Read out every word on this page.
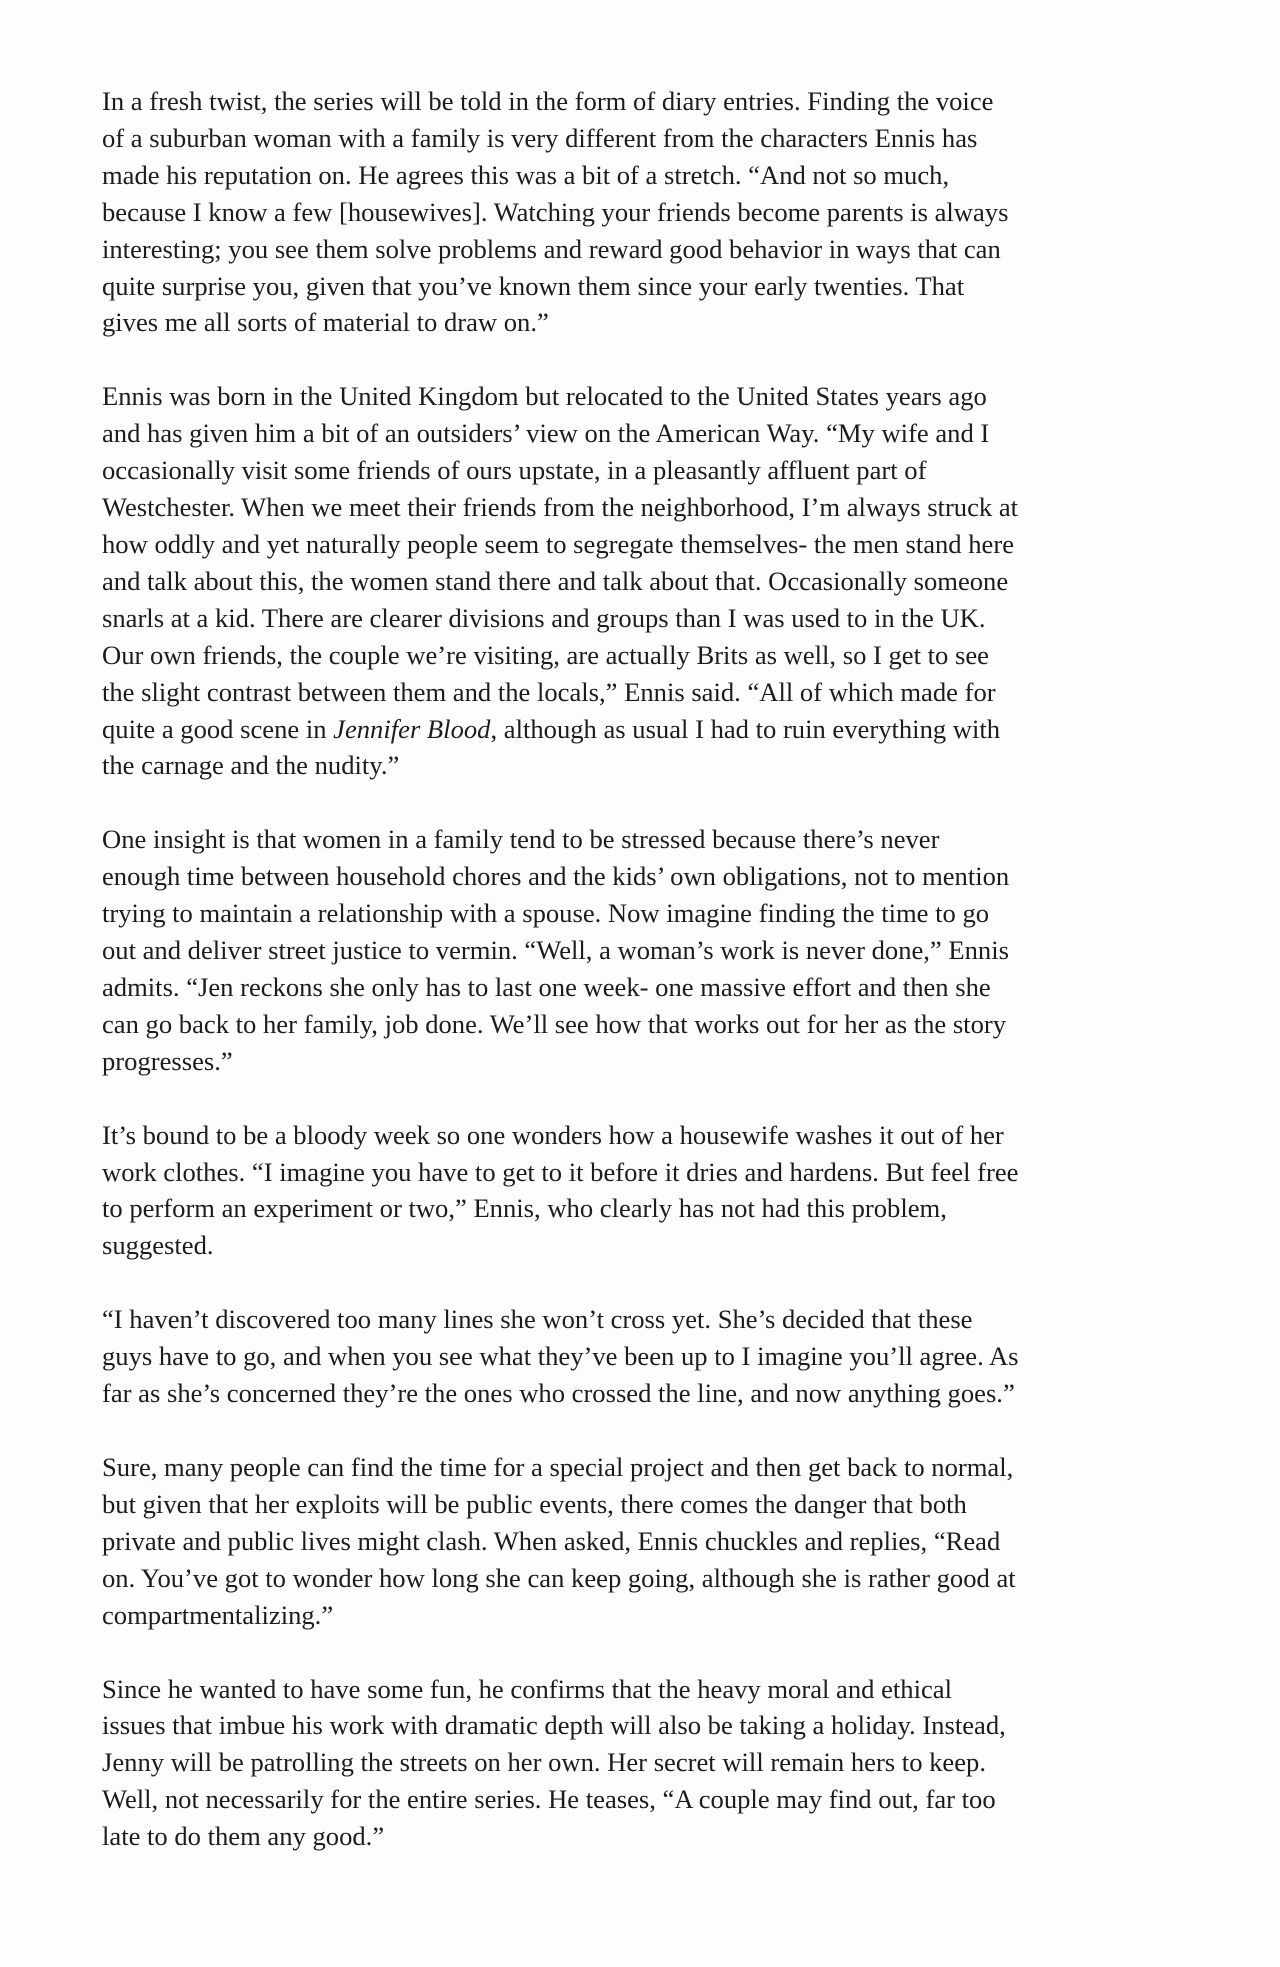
In a fresh twist, the series will be told in the form of diary entries. Finding the voice
of a suburban woman with a family is very different from the characters Ennis has
made his reputation on. He agrees this was a bit of a stretch. “And not so much,
because I know a few [housewives]. Watching your friends become parents is always
interesting; you see them solve problems and reward good behavior in ways that can
quite surprise you, given that you’ve known them since your early twenties. That
gives me all sorts of material to draw on.”

Ennis was born in the United Kingdom but relocated to the United States years ago
and has given him a bit of an outsiders’ view on the American Way. “My wife and I
occasionally visit some friends of ours upstate, in a pleasantly affluent part of
Westchester. When we meet their friends from the neighborhood, I’m always struck at
how oddly and yet naturally people seem to segregate themselves- the men stand here
and talk about this, the women stand there and talk about that. Occasionally someone
snarls at a kid. There are clearer divisions and groups than I was used to in the UK.
Our own friends, the couple we’re visiting, are actually Brits as well, so I get to see
the slight contrast between them and the locals,” Ennis said. “All of which made for
quite a good scene in Jennifer Blood, although as usual I had to ruin everything with
the carnage and the nudity.”

One insight is that women in a family tend to be stressed because there’s never
enough time between household chores and the kids’ own obligations, not to mention
trying to maintain a relationship with a spouse. Now imagine finding the time to go
out and deliver street justice to vermin. “Well, a woman’s work is never done,” Ennis
admits. “Jen reckons she only has to last one week- one massive effort and then she
can go back to her family, job done. We’ll see how that works out for her as the story
progresses.”

It’s bound to be a bloody week so one wonders how a housewife washes it out of her
work clothes. “I imagine you have to get to it before it dries and hardens. But feel free
to perform an experiment or two,” Ennis, who clearly has not had this problem,
suggested.

“I haven’t discovered too many lines she won’t cross yet. She’s decided that these
guys have to go, and when you see what they’ve been up to I imagine you’ll agree. As
far as she’s concerned they’re the ones who crossed the line, and now anything goes.”

Sure, many people can find the time for a special project and then get back to normal,
but given that her exploits will be public events, there comes the danger that both
private and public lives might clash. When asked, Ennis chuckles and replies, “Read
on. You’ve got to wonder how long she can keep going, although she is rather good at
compartmentalizing.”

Since he wanted to have some fun, he confirms that the heavy moral and ethical
issues that imbue his work with dramatic depth will also be taking a holiday. Instead,
Jenny will be patrolling the streets on her own. Her secret will remain hers to keep.
Well, not necessarily for the entire series. He teases, “A couple may find out, far too
late to do them any good.”
